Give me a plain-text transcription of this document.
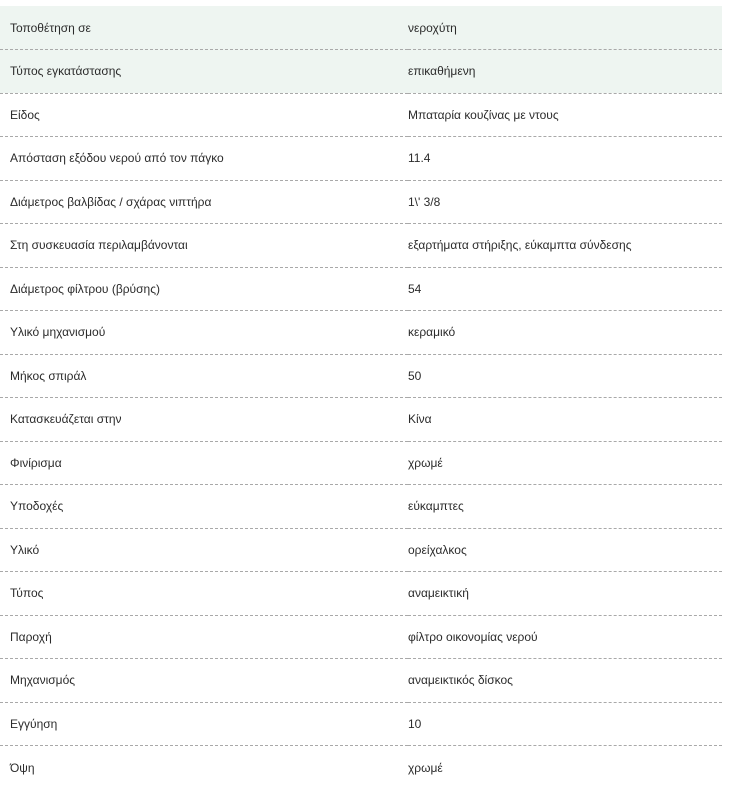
Τοποθέτηση σε	νεροχύτη
Τύπος εγκατάστασης	επικαθήμενη
Είδος	Μπαταρία κουζίνας με ντους
Απόσταση εξόδου νερού από τον πάγκο	11.4
Διάμετρος βαλβίδας / σχάρας νιπτήρα	1\' 3/8
Στη συσκευασία περιλαμβάνονται	εξαρτήματα στήριξης, εύκαμπτα σύνδεσης
Διάμετρος φίλτρου (βρύσης)	54
Υλικό μηχανισμού	κεραμικό
Μήκος σπιράλ	50
Κατασκευάζεται στην	Κίνα
Φινίρισμα	χρωμέ
Υποδοχές	εύκαμπτες
Υλικό	ορείχαλκος
Τύπος	αναμεικτική
Παροχή	φίλτρο οικονομίας νερού
Μηχανισμός	αναμεικτικός δίσκος
Εγγύηση	10
Όψη	χρωμέ
